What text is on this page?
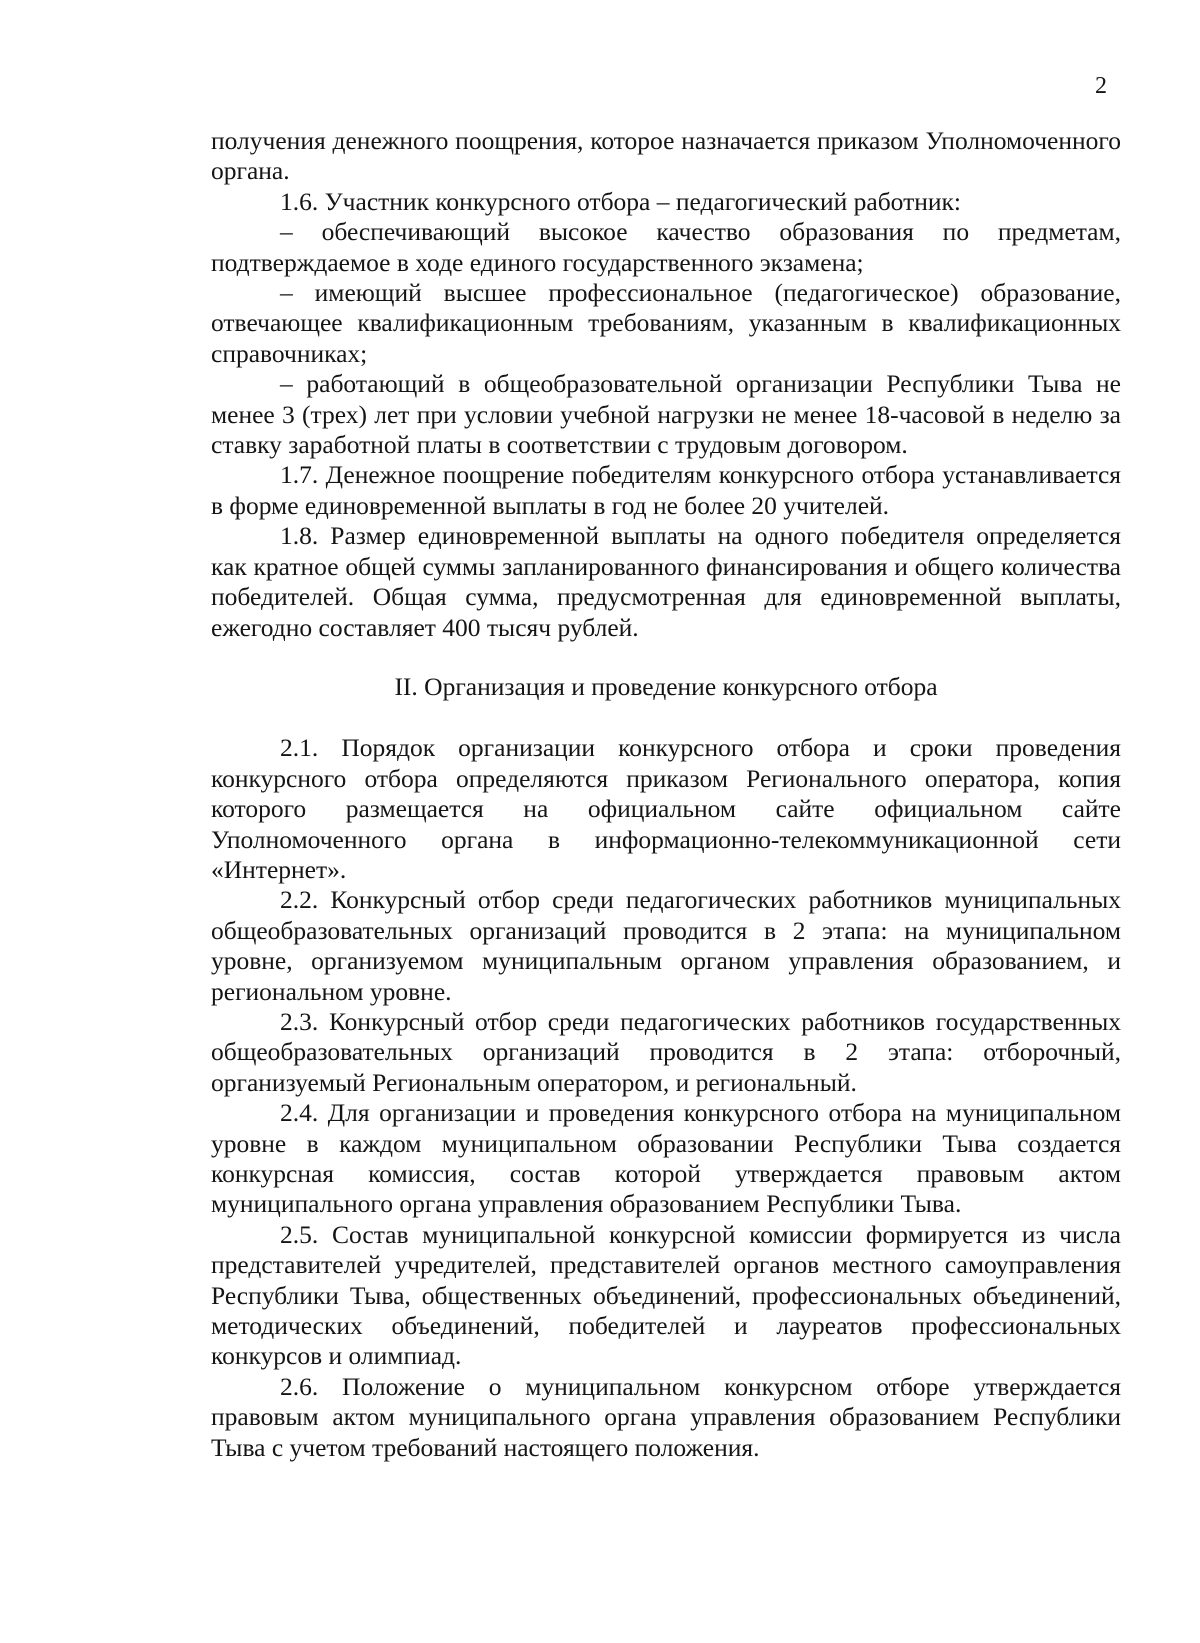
2

получения денежного поощрения, которое назначается приказом Уполномоченного органа.

1.6. Участник конкурсного отбора – педагогический работник:

– обеспечивающий высокое качество образования по предметам, подтверждаемое в ходе единого государственного экзамена;

– имеющий высшее профессиональное (педагогическое) образование, отвечающее квалификационным требованиям, указанным в квалификационных справочниках;

– работающий в общеобразовательной организации Республики Тыва не менее 3 (трех) лет при условии учебной нагрузки не менее 18-часовой в неделю за ставку заработной платы в соответствии с трудовым договором.

1.7. Денежное поощрение победителям конкурсного отбора устанавливается в форме единовременной выплаты в год не более 20 учителей.

1.8. Размер единовременной выплаты на одного победителя определяется как кратное общей суммы запланированного финансирования и общего количества победителей. Общая сумма, предусмотренная для единовременной выплаты, ежегодно составляет 400 тысяч рублей.

II. Организация и проведение конкурсного отбора

2.1. Порядок организации конкурсного отбора и сроки проведения конкурсного отбора определяются приказом Регионального оператора, копия которого размещается на официальном сайте официальном сайте Уполномоченного органа в информационно-телекоммуникационной сети «Интернет».

2.2. Конкурсный отбор среди педагогических работников муниципальных общеобразовательных организаций проводится в 2 этапа: на муниципальном уровне, организуемом муниципальным органом управления образованием, и региональном уровне.

2.3. Конкурсный отбор среди педагогических работников государственных общеобразовательных организаций проводится в 2 этапа: отборочный, организуемый Региональным оператором, и региональный.

2.4. Для организации и проведения конкурсного отбора на муниципальном уровне в каждом муниципальном образовании Республики Тыва создается конкурсная комиссия, состав которой утверждается правовым актом муниципального органа управления образованием Республики Тыва.

2.5. Состав муниципальной конкурсной комиссии формируется из числа представителей учредителей, представителей органов местного самоуправления Республики Тыва, общественных объединений, профессиональных объединений, методических объединений, победителей и лауреатов профессиональных конкурсов и олимпиад.

2.6. Положение о муниципальном конкурсном отборе утверждается правовым актом муниципального органа управления образованием Республики Тыва с учетом требований настоящего положения.
